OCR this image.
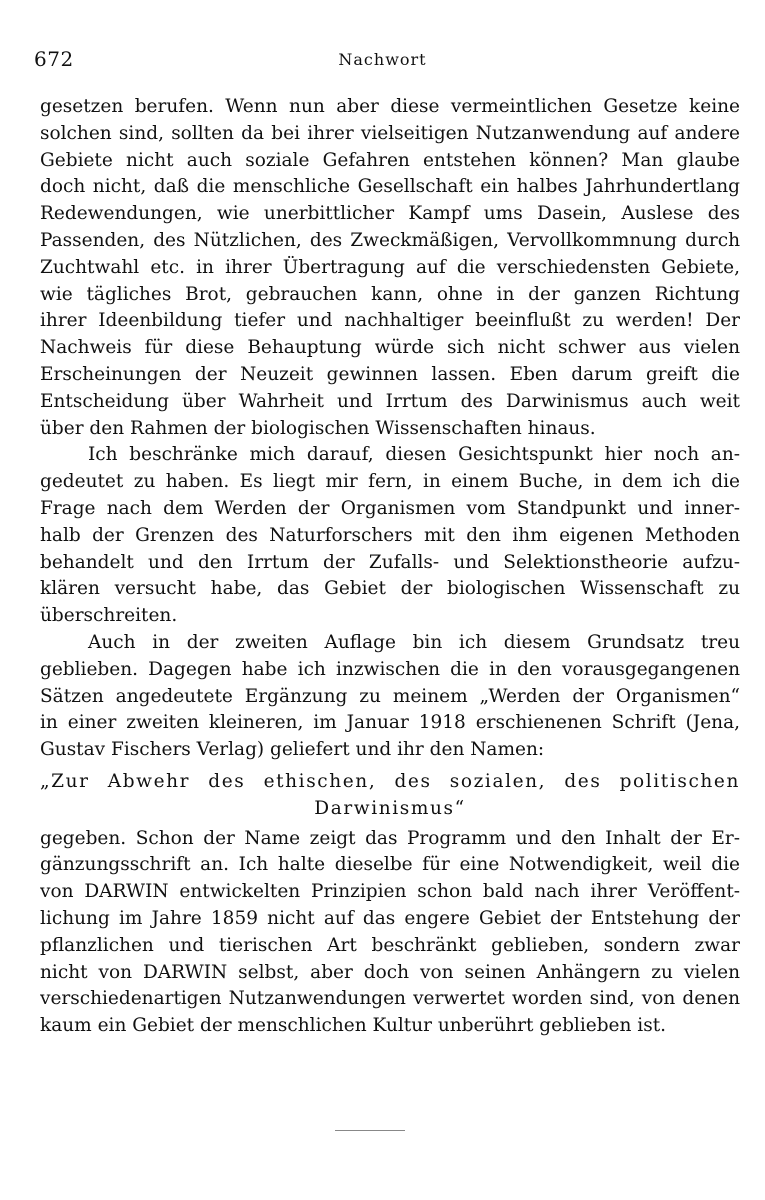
672	Nachwort
gesetzen berufen. Wenn nun aber diese vermeintlichen Gesetze keine
solchen sind, sollten da bei ihrer vielseitigen Nutzanwendung auf andere
Gebiete nicht auch soziale Gefahren entstehen können? Man glaube
doch nicht, daß die menschliche Gesellschaft ein halbes Jahrhundertlang
Redewendungen, wie unerbittlicher Kampf ums Dasein, Auslese des
Passenden, des Nützlichen, des Zweckmäßigen, Vervollkommnung durch
Zuchtwahl etc. in ihrer Übertragung auf die verschiedensten Gebiete,
wie tägliches Brot, gebrauchen kann, ohne in der ganzen Richtung
ihrer Ideenbildung tiefer und nachhaltiger beeinflußt zu werden! Der
Nachweis für diese Behauptung würde sich nicht schwer aus vielen
Erscheinungen der Neuzeit gewinnen lassen. Eben darum greift die
Entscheidung über Wahrheit und Irrtum des Darwinismus auch weit
über den Rahmen der biologischen Wissenschaften hinaus.
Ich beschränke mich darauf, diesen Gesichtspunkt hier noch an-
gedeutet zu haben. Es liegt mir fern, in einem Buche, in dem ich die
Frage nach dem Werden der Organismen vom Standpunkt und inner-
halb der Grenzen des Naturforschers mit den ihm eigenen Methoden
behandelt und den Irrtum der Zufalls- und Selektionstheorie aufzu-
klären versucht habe, das Gebiet der biologischen Wissenschaft zu
überschreiten.
Auch in der zweiten Auflage bin ich diesem Grundsatz treu
geblieben. Dagegen habe ich inzwischen die in den vorausgegangenen
Sätzen angedeutete Ergänzung zu meinem „Werden der Organismen“
in einer zweiten kleineren, im Januar 1918 erschienenen Schrift (Jena,
Gustav Fischers Verlag) geliefert und ihr den Namen:
„Zur Abwehr des ethischen, des sozialen, des politischen
Darwinismus“
gegeben. Schon der Name zeigt das Programm und den Inhalt der Er-
gänzungsschrift an. Ich halte dieselbe für eine Notwendigkeit, weil die
von DARWIN entwickelten Prinzipien schon bald nach ihrer Veröffent-
lichung im Jahre 1859 nicht auf das engere Gebiet der Entstehung der
pflanzlichen und tierischen Art beschränkt geblieben, sondern zwar
nicht von DARWIN selbst, aber doch von seinen Anhängern zu vielen
verschiedenartigen Nutzanwendungen verwertet worden sind, von denen
kaum ein Gebiet der menschlichen Kultur unberührt geblieben ist.
